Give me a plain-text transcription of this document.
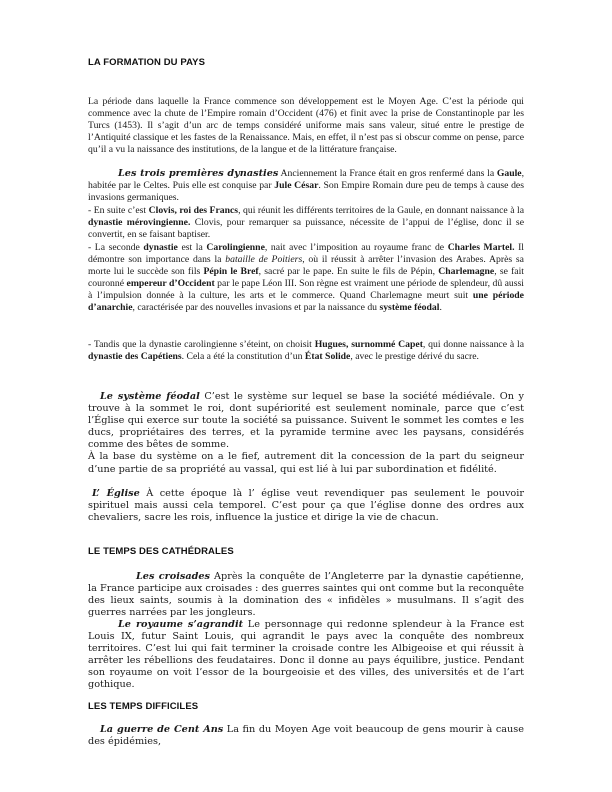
LA FORMATION DU PAYS

La période dans laquelle la France commence son développement est le Moyen Age. C’est la période qui commence avec la chute de l’Empire romain d’Occident (476) et finit avec la prise de Constantinople par les Turcs (1453). Il s’agit d’un arc de temps considéré uniforme mais sans valeur, situé entre le prestige de l’Antiquité classique et les fastes de la Renaissance. Mais, en effet, il n’est pas si obscur comme on pense, parce qu’il a vu la naissance des institutions, de la langue et de la littérature française.

Les trois premières dynasties Anciennement la France était en gros renfermé dans la Gaule, habitée par le Celtes. Puis elle est conquise par Jule César. Son Empire Romain dure peu de temps à cause des invasions germaniques.

- En suite c’est Clovis, roi des Francs, qui réunit les différents territoires de la Gaule, en donnant naissance à la dynastie mérovingienne. Clovis, pour remarquer sa puissance, nécessite de l’appui de l’église, donc il se convertit, en se faisant baptiser.

- La seconde dynastie est la Carolingienne, nait avec l’imposition au royaume franc de Charles Martel. Il démontre son importance dans la bataille de Poitiers, où il réussit à arrêter l’invasion des Arabes. Après sa morte lui le succède son fils Pépin le Bref, sacré par le pape. En suite le fils de Pépin, Charlemagne, se fait couronné empereur d’Occident par le pape Léon III. Son règne est vraiment une période de splendeur, dû aussi à l’impulsion donnée à la culture, les arts et le commerce. Quand Charlemagne meurt suit une période d’anarchie, caractérisée par des nouvelles invasions et par la naissance du système féodal.

- Tandis que la dynastie carolingienne s’éteint, on choisit Hugues, surnommé Capet, qui donne naissance à la dynastie des Capétiens. Cela a été la constitution d’un État Solide, avec le prestige dérivé du sacre.

Le système féodal C’est le système sur lequel se base la société médiévale. On y trouve à la sommet le roi, dont supériorité est seulement nominale, parce que c’est l’Église qui exerce sur toute la société sa puissance. Suivent le sommet les comtes e les ducs, propriétaires des terres, et la pyramide termine avec les paysans, considérés comme des bêtes de somme.
À la base du système on a le fief, autrement dit la concession de la part du seigneur d’une partie de sa propriété au vassal, qui est lié à lui par subordination et fidélité.

L’ Église À cette époque là l’ église veut revendiquer pas seulement le pouvoir spirituel mais aussi cela temporel. C’est pour ça que l’église donne des ordres aux chevaliers, sacre les rois, influence la justice et dirige la vie de chacun.

LE TEMPS DES CATHÉDRALES

Les croisades Après la conquête de l’Angleterre par la dynastie capétienne, la France participe aux croisades : des guerres saintes qui ont comme but la reconquête des lieux saints, soumis à la domination des « infidèles » musulmans. Il s’agit des guerres narrées par les jongleurs.

Le royaume s’agrandit Le personnage qui redonne splendeur à la France est Louis IX, futur Saint Louis, qui agrandit le pays avec la conquête des nombreux territoires. C’est lui qui fait terminer la croisade contre les Albigeoise et qui réussit à arrêter les rébellions des feudataires. Donc il donne au pays équilibre, justice. Pendant son royaume on voit l’essor de la bourgeoisie et des villes, des universités et de l’art gothique.

LES TEMPS DIFFICILES

La guerre de Cent Ans La fin du Moyen Age voit beaucoup de gens mourir à cause des épidémies,
